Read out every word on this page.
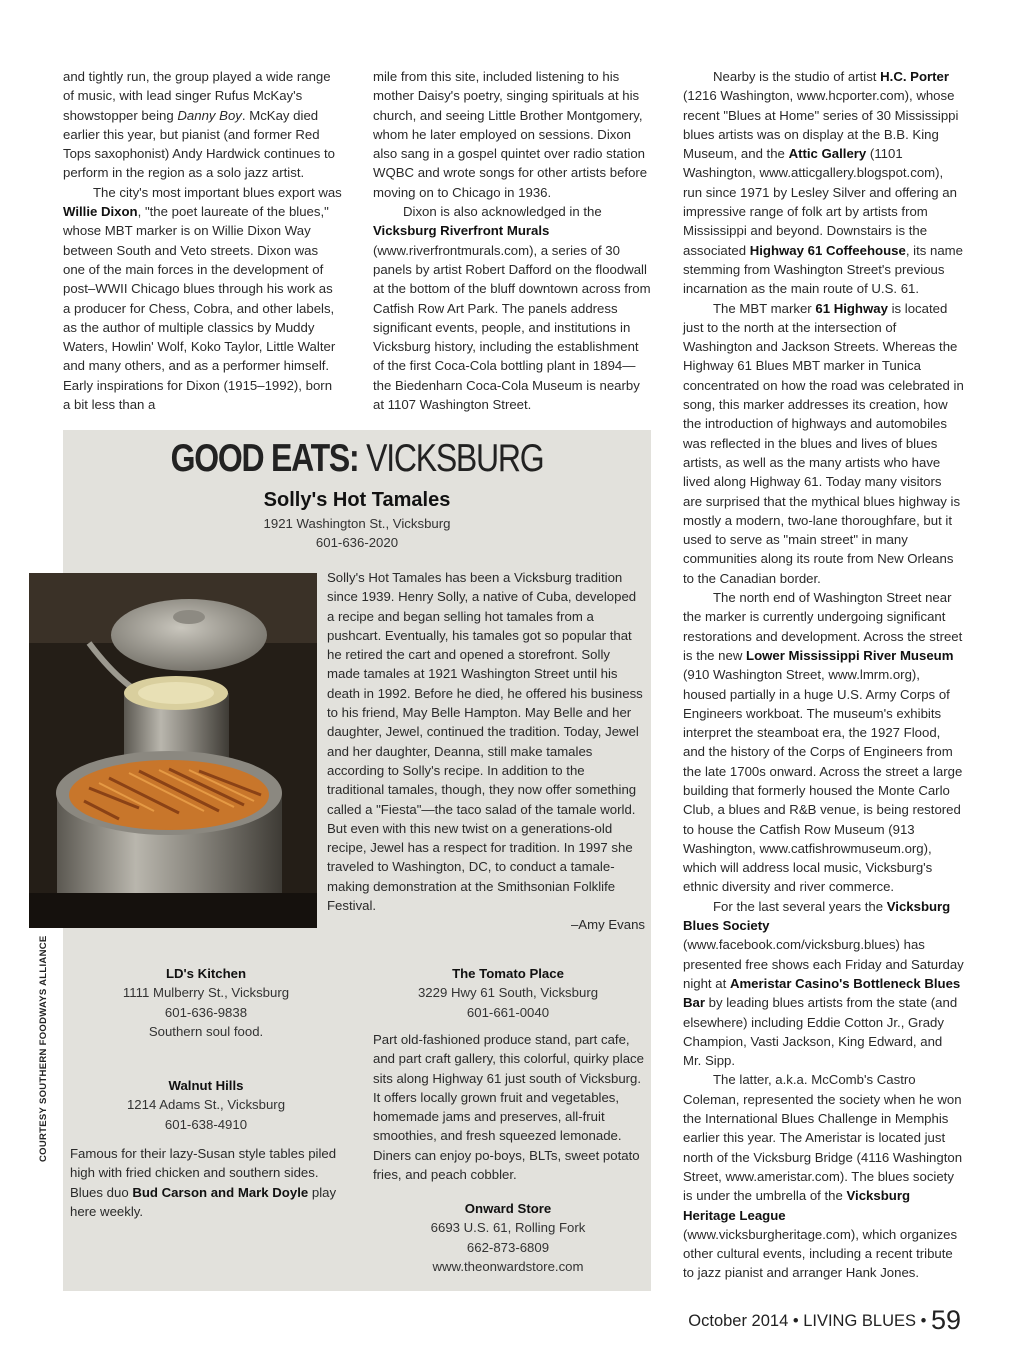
and tightly run, the group played a wide range of music, with lead singer Rufus McKay's showstopper being Danny Boy. McKay died earlier this year, but pianist (and former Red Tops saxophonist) Andy Hardwick continues to perform in the region as a solo jazz artist.

The city's most important blues export was Willie Dixon, "the poet laureate of the blues," whose MBT marker is on Willie Dixon Way between South and Veto streets. Dixon was one of the main forces in the development of post–WWII Chicago blues through his work as a producer for Chess, Cobra, and other labels, as the author of multiple classics by Muddy Waters, Howlin' Wolf, Koko Taylor, Little Walter and many others, and as a performer himself. Early inspirations for Dixon (1915–1992), born a bit less than a

mile from this site, included listening to his mother Daisy's poetry, singing spirituals at his church, and seeing Little Brother Montgomery, whom he later employed on sessions. Dixon also sang in a gospel quintet over radio station WQBC and wrote songs for other artists before moving on to Chicago in 1936.

Dixon is also acknowledged in the Vicksburg Riverfront Murals (www.riverfrontmurals.com), a series of 30 panels by artist Robert Dafford on the floodwall at the bottom of the bluff downtown across from Catfish Row Art Park. The panels address significant events, people, and institutions in Vicksburg history, including the establishment of the first Coca-Cola bottling plant in 1894—the Biedenharn Coca-Cola Museum is nearby at 1107 Washington Street.

Nearby is the studio of artist H.C. Porter (1216 Washington, www.hcporter.com), whose recent "Blues at Home" series of 30 Mississippi blues artists was on display at the B.B. King Museum, and the Attic Gallery (1101 Washington, www.atticgallery.blogspot.com), run since 1971 by Lesley Silver and offering an impressive range of folk art by artists from Mississippi and beyond. Downstairs is the associated Highway 61 Coffeehouse, its name stemming from Washington Street's previous incarnation as the main route of U.S. 61.

The MBT marker 61 Highway is located just to the north at the intersection of Washington and Jackson Streets. Whereas the Highway 61 Blues MBT marker in Tunica concentrated on how the road was celebrated in song, this marker addresses its creation, how the introduction of highways and automobiles was reflected in the blues and lives of blues artists, as well as the many artists who have lived along Highway 61. Today many visitors are surprised that the mythical blues highway is mostly a modern, two-lane thoroughfare, but it used to serve as "main street" in many communities along its route from New Orleans to the Canadian border.

The north end of Washington Street near the marker is currently undergoing significant restorations and development. Across the street is the new Lower Mississippi River Museum (910 Washington Street, www.lmrm.org), housed partially in a huge U.S. Army Corps of Engineers workboat. The museum's exhibits interpret the steamboat era, the 1927 Flood, and the history of the Corps of Engineers from the late 1700s onward. Across the street a large building that formerly housed the Monte Carlo Club, a blues and R&B venue, is being restored to house the Catfish Row Museum (913 Washington, www.catfishrowmuseum.org), which will address local music, Vicksburg's ethnic diversity and river commerce.

For the last several years the Vicksburg Blues Society (www.facebook.com/vicksburg.blues) has presented free shows each Friday and Saturday night at Ameristar Casino's Bottleneck Blues Bar by leading blues artists from the state (and elsewhere) including Eddie Cotton Jr., Grady Champion, Vasti Jackson, King Edward, and Mr. Sipp.

The latter, a.k.a. McComb's Castro Coleman, represented the society when he won the International Blues Challenge in Memphis earlier this year. The Ameristar is located just north of the Vicksburg Bridge (4116 Washington Street, www.ameristar.com). The blues society is under the umbrella of the Vicksburg Heritage League (www.vicksburgheritage.com), which organizes other cultural events, including a recent tribute to jazz pianist and arranger Hank Jones.

GOOD EATS: VICKSBURG
Solly's Hot Tamales
1921 Washington St., Vicksburg
601-636-2020

Solly's Hot Tamales has been a Vicksburg tradition since 1939. Henry Solly, a native of Cuba, developed a recipe and began selling hot tamales from a pushcart. Eventually, his tamales got so popular that he retired the cart and opened a storefront. Solly made tamales at 1921 Washington Street until his death in 1992. Before he died, he offered his business to his friend, May Belle Hampton. May Belle and her daughter, Jewel, continued the tradition. Today, Jewel and her daughter, Deanna, still make tamales according to Solly's recipe. In addition to the traditional tamales, though, they now offer something called a "Fiesta"—the taco salad of the tamale world. But even with this new twist on a generations-old recipe, Jewel has a respect for tradition. In 1997 she traveled to Washington, DC, to conduct a tamale-making demonstration at the Smithsonian Folklife Festival.

–Amy Evans

LD's Kitchen
1111 Mulberry St., Vicksburg
601-636-9838
Southern soul food.
Walnut Hills
1214 Adams St., Vicksburg
601-638-4910

Famous for their lazy-Susan style tables piled high with fried chicken and southern sides. Blues duo Bud Carson and Mark Doyle play here weekly.

The Tomato Place
3229 Hwy 61 South, Vicksburg
601-661-0040

Part old-fashioned produce stand, part cafe, and part craft gallery, this colorful, quirky place sits along Highway 61 just south of Vicksburg. It offers locally grown fruit and vegetables, homemade jams and preserves, all-fruit smoothies, and fresh squeezed lemonade. Diners can enjoy po-boys, BLTs, sweet potato fries, and peach cobbler.

Onward Store
6693 U.S. 61, Rolling Fork
662-873-6809
www.theonwardstore.com
COURTESY SOUTHERN FOODWAYS ALLIANCE
October 2014 • LIVING BLUES • 59
